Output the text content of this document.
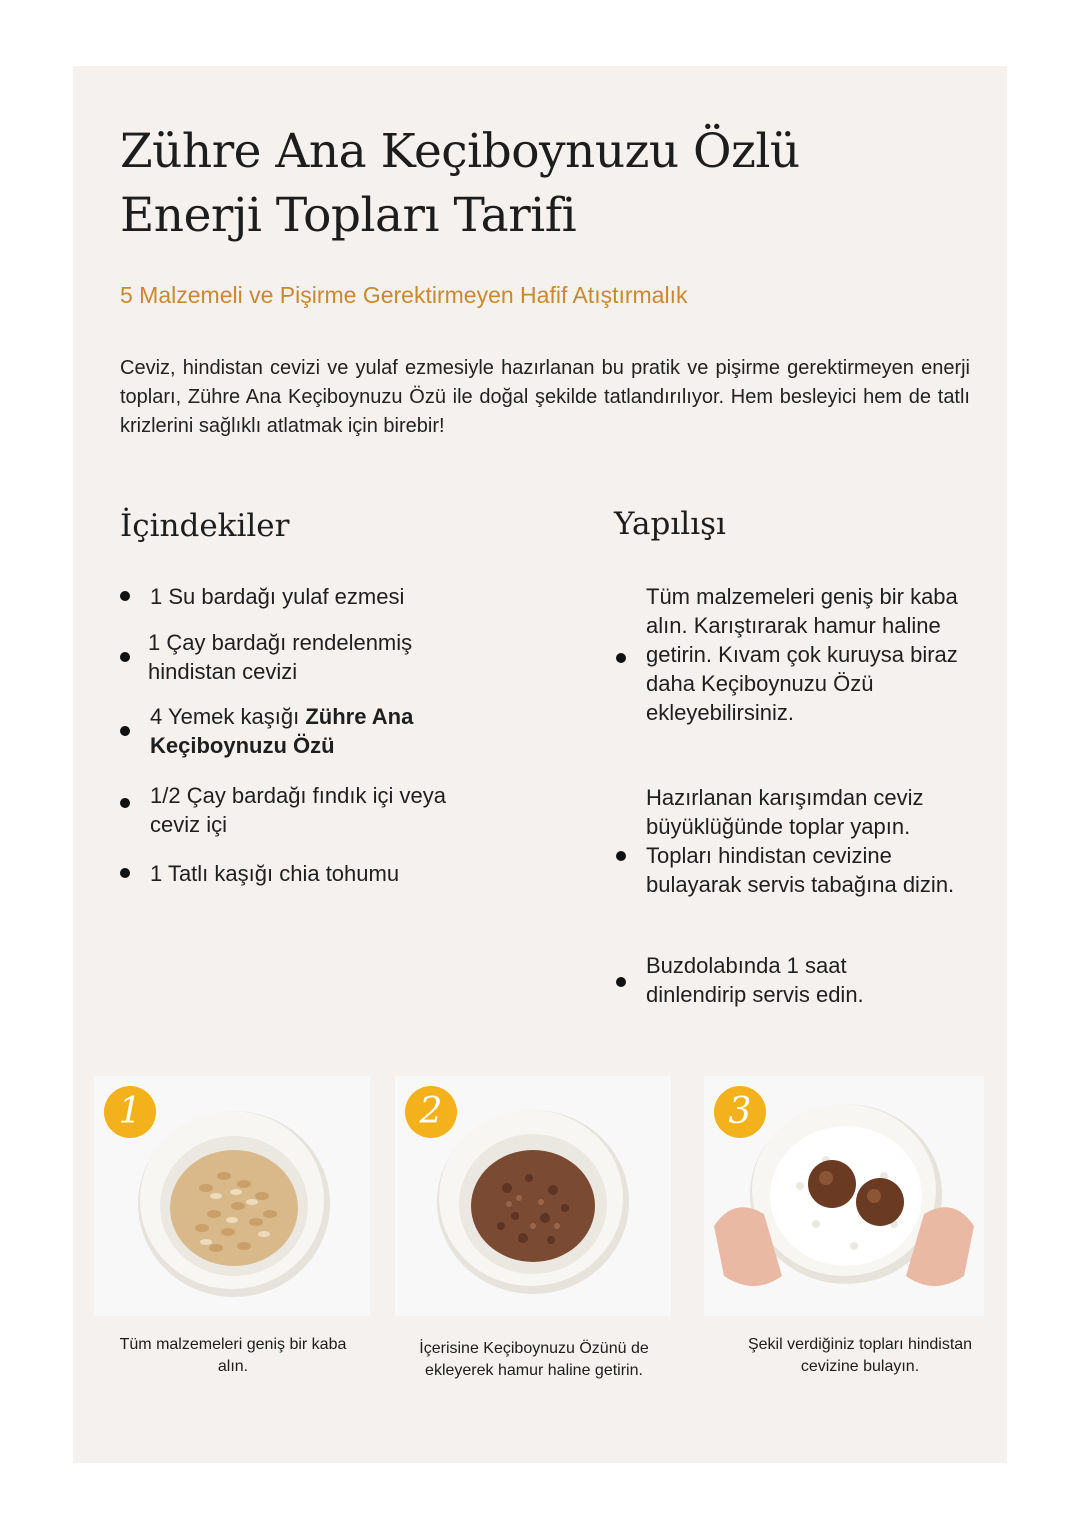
Zühre Ana Keçiboynuzu Özlü Enerji Topları Tarifi
5 Malzemeli ve Pişirme Gerektirmeyen Hafif Atıştırmalık

Ceviz, hindistan cevizi ve yulaf ezmesiyle hazırlanan bu pratik ve pişirme gerektirmeyen enerji topları, Zühre Ana Keçiboynuzu Özü ile doğal şekilde tatlandırılıyor. Hem besleyici hem de tatlı krizlerini sağlıklı atlatmak için birebir!

İçindekiler
1 Su bardağı yulaf ezmesi
1 Çay bardağı rendelenmiş hindistan cevizi
4 Yemek kaşığı Zühre Ana Keçiboynuzu Özü
1/2 Çay bardağı fındık içi veya ceviz içi
1 Tatlı kaşığı chia tohumu
Yapılışı
Tüm malzemeleri geniş bir kaba alın. Karıştırarak hamur haline getirin. Kıvam çok kuruysa biraz daha Keçiboynuzu Özü ekleyebilirsiniz.
Hazırlanan karışımdan ceviz büyüklüğünde toplar yapın. Topları hindistan cevizine bulayarak servis tabağına dizin.
Buzdolabında 1 saat dinlendirip servis edin.
1

Tüm malzemeleri geniş bir kaba alın.

2

İçerisine Keçiboynuzu Özünü de ekleyerek hamur haline getirin.

3

Şekil verdiğiniz topları hindistan cevizine bulayın.
